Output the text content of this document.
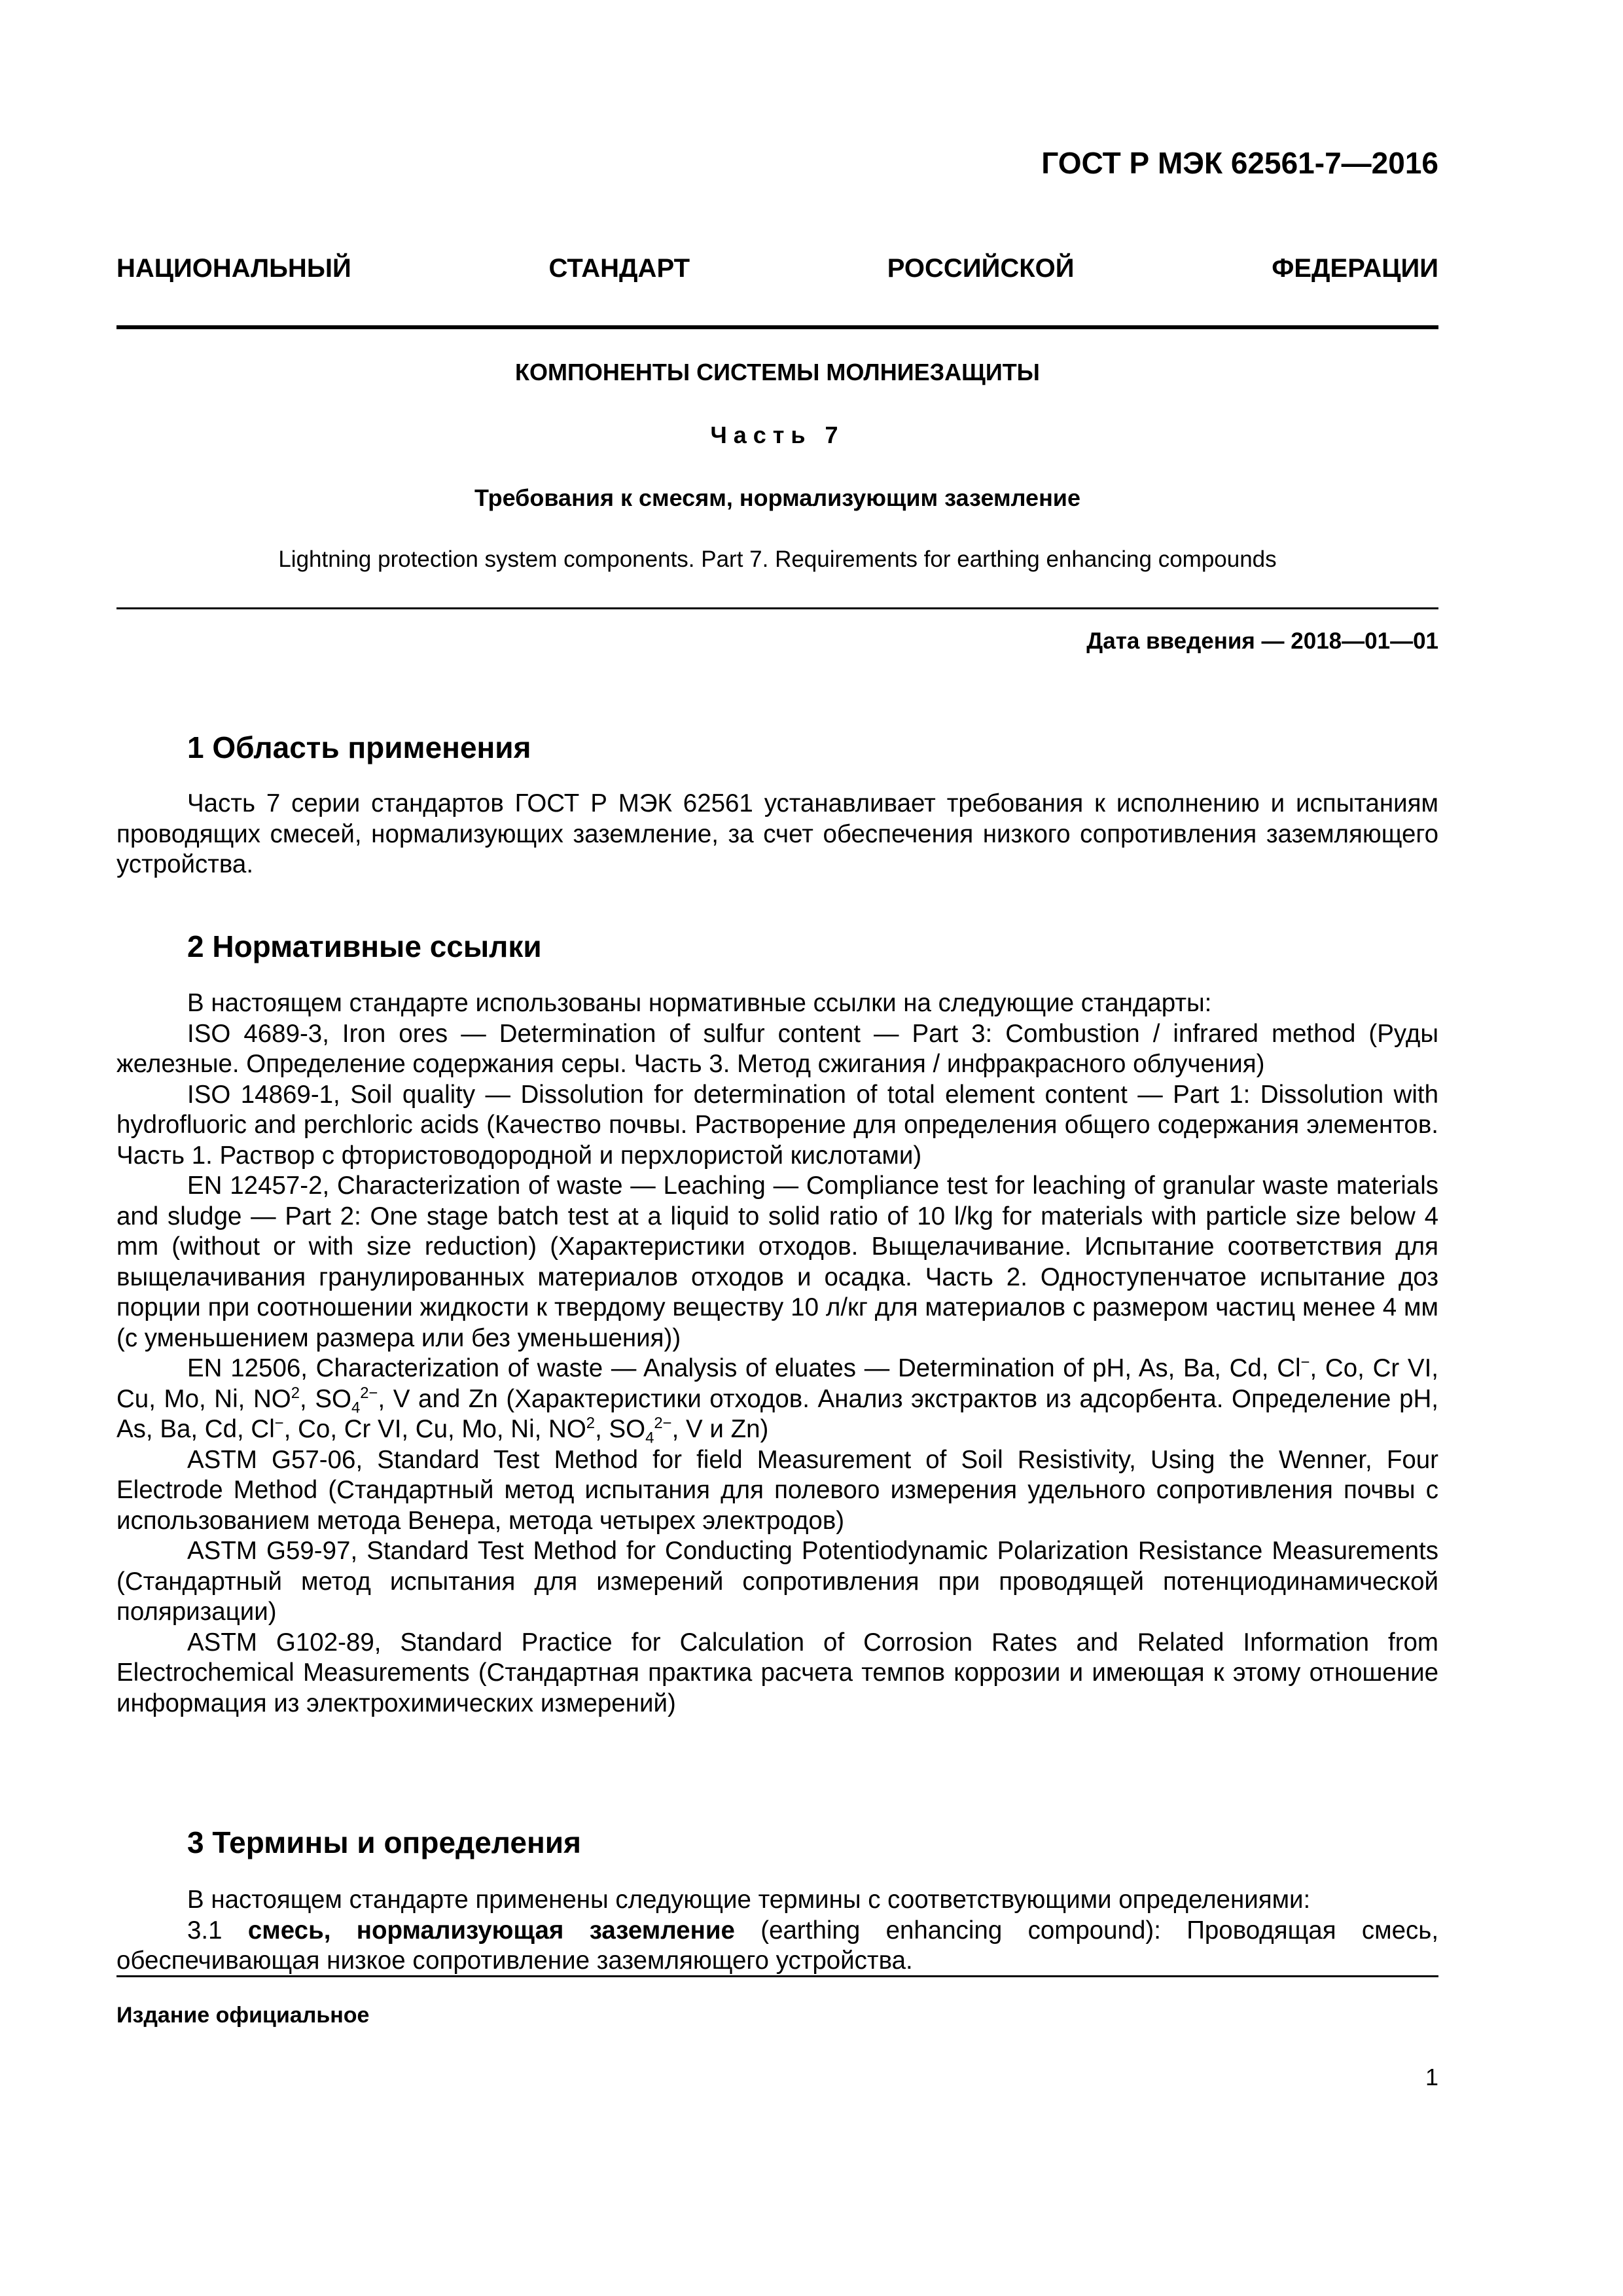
ГОСТ Р МЭК 62561-7—2016
НАЦИОНАЛЬНЫЙ СТАНДАРТ РОССИЙСКОЙ ФЕДЕРАЦИИ
КОМПОНЕНТЫ СИСТЕМЫ МОЛНИЕЗАЩИТЫ
Часть 7
Требования к смесям, нормализующим заземление
Lightning protection system components. Part 7. Requirements for earthing enhancing compounds
Дата введения — 2018—01—01
1 Область применения

Часть 7 серии стандартов ГОСТ Р МЭК 62561 устанавливает требования к исполнению и испытаниям проводящих смесей, нормализующих заземление, за счет обеспечения низкого сопротивления заземляющего устройства.

2 Нормативные ссылки

В настоящем стандарте использованы нормативные ссылки на следующие стандарты:

ISO 4689-3, Iron ores — Determination of sulfur content — Part 3: Combustion / infrared method (Руды железные. Определение содержания серы. Часть 3. Метод сжигания / инфракрасного облучения)

ISO 14869-1, Soil quality — Dissolution for determination of total element content — Part 1: Dissolution with hydrofluoric and perchloric acids (Качество почвы. Растворение для определения общего содержания элементов. Часть 1. Раствор с фтористоводородной и перхлористой кислотами)

EN 12457-2, Characterization of waste — Leaching — Compliance test for leaching of granular waste materials and sludge — Part 2: One stage batch test at a liquid to solid ratio of 10 l/kg for materials with particle size below 4 mm (without or with size reduction) (Характеристики отходов. Выщелачивание. Испытание соответствия для выщелачивания гранулированных материалов отходов и осадка. Часть 2. Одноступенчатое испытание доз порции при соотношении жидкости к твердому веществу 10 л/кг для материалов с размером частиц менее 4 мм (с уменьшением размера или без уменьшения))

EN 12506, Characterization of waste — Analysis of eluates — Determination of pH, As, Ba, Cd, Cl−, Co, Cr VI, Cu, Mo, Ni, $NO^2$, $SO_4^{2-}$, V and Zn (Характеристики отходов. Анализ экстрактов из адсорбента. Определение pH, As, Ba, Cd, Cl−, Co, Cr VI, Cu, Mo, Ni, $NO^2$, $SO_4^{2-}$, V и Zn)

ASTM G57-06, Standard Test Method for field Measurement of Soil Resistivity, Using the Wenner, Four Electrode Method (Стандартный метод испытания для полевого измерения удельного сопротивления почвы с использованием метода Венера, метода четырех электродов)

ASTM G59-97, Standard Test Method for Conducting Potentiodynamic Polarization Resistance Measurements (Стандартный метод испытания для измерений сопротивления при проводящей потенциодинамической поляризации)

ASTM G102-89, Standard Practice for Calculation of Corrosion Rates and Related Information from Electrochemical Measurements (Стандартная практика расчета темпов коррозии и имеющая к этому отношение информация из электрохимических измерений)

3 Термины и определения

В настоящем стандарте применены следующие термины с соответствующими определениями:

3.1 смесь, нормализующая заземление (earthing enhancing compound): Проводящая смесь, обеспечивающая низкое сопротивление заземляющего устройства.

Издание официальное
1
